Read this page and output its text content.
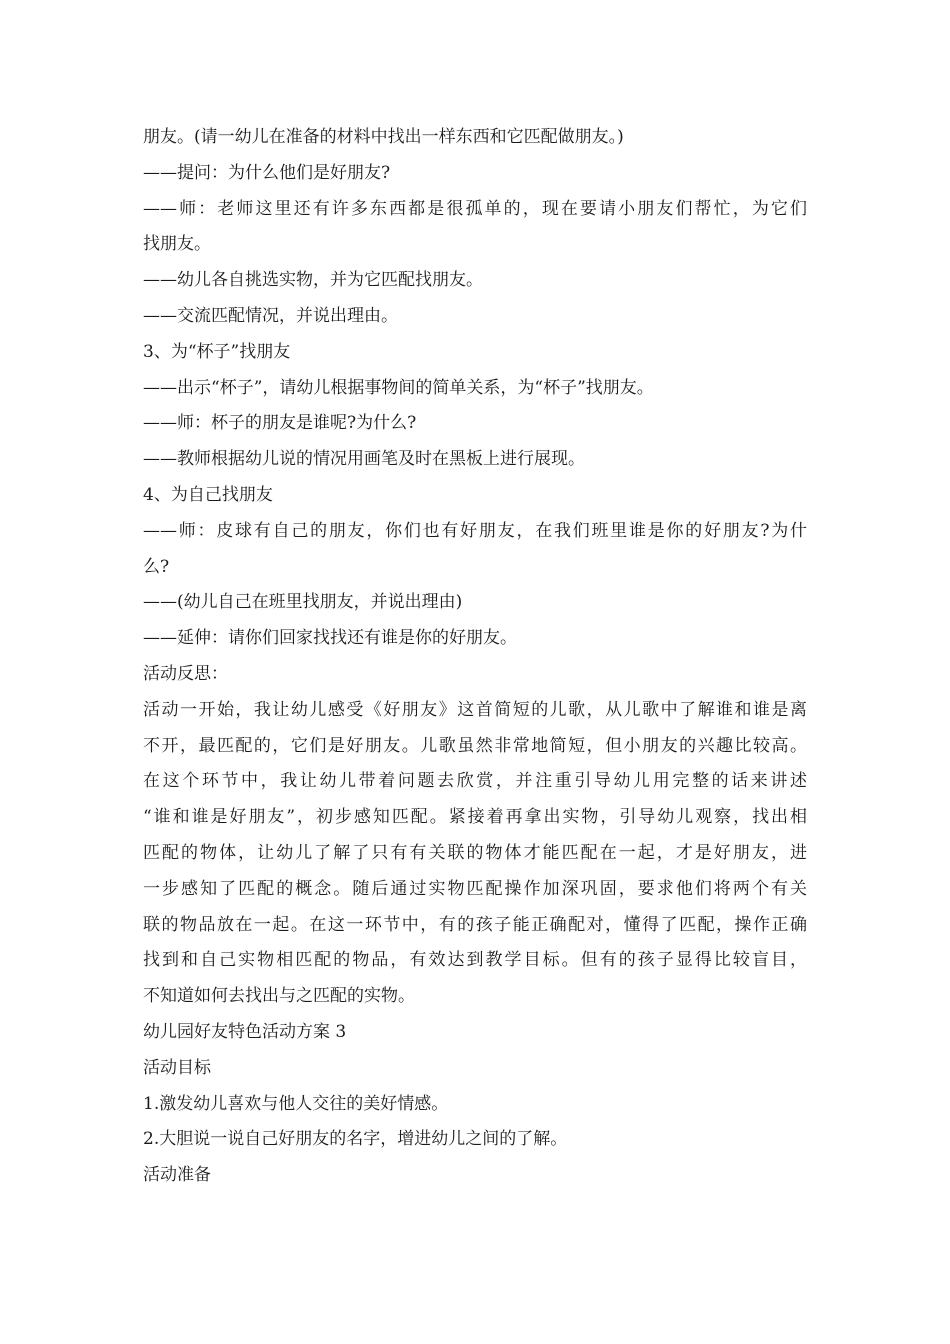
朋友。(请一幼儿在准备的材料中找出一样东西和它匹配做朋友。)
——提问：为什么他们是好朋友?
——师：老师这里还有许多东西都是很孤单的，现在要请小朋友们帮忙，为它们
找朋友。
——幼儿各自挑选实物，并为它匹配找朋友。
——交流匹配情况，并说出理由。
3、为“杯子”找朋友
——出示“杯子”，请幼儿根据事物间的简单关系，为“杯子”找朋友。
——师：杯子的朋友是谁呢?为什么?
——教师根据幼儿说的情况用画笔及时在黑板上进行展现。
4、为自己找朋友
——师：皮球有自己的朋友，你们也有好朋友，在我们班里谁是你的好朋友?为什
么?
——(幼儿自己在班里找朋友，并说出理由)
——延伸：请你们回家找找还有谁是你的好朋友。
活动反思：
活动一开始，我让幼儿感受《好朋友》这首简短的儿歌，从儿歌中了解谁和谁是离
不开，最匹配的，它们是好朋友。儿歌虽然非常地简短，但小朋友的兴趣比较高。
在这个环节中，我让幼儿带着问题去欣赏，并注重引导幼儿用完整的话来讲述
“谁和谁是好朋友”，初步感知匹配。紧接着再拿出实物，引导幼儿观察，找出相
匹配的物体，让幼儿了解了只有有关联的物体才能匹配在一起，才是好朋友，进
一步感知了匹配的概念。随后通过实物匹配操作加深巩固，要求他们将两个有关
联的物品放在一起。在这一环节中，有的孩子能正确配对，懂得了匹配，操作正确
找到和自己实物相匹配的物品，有效达到教学目标。但有的孩子显得比较盲目，
不知道如何去找出与之匹配的实物。
幼儿园好友特色活动方案 3
活动目标
1.激发幼儿喜欢与他人交往的美好情感。
2.大胆说一说自己好朋友的名字，增进幼儿之间的了解。
活动准备
